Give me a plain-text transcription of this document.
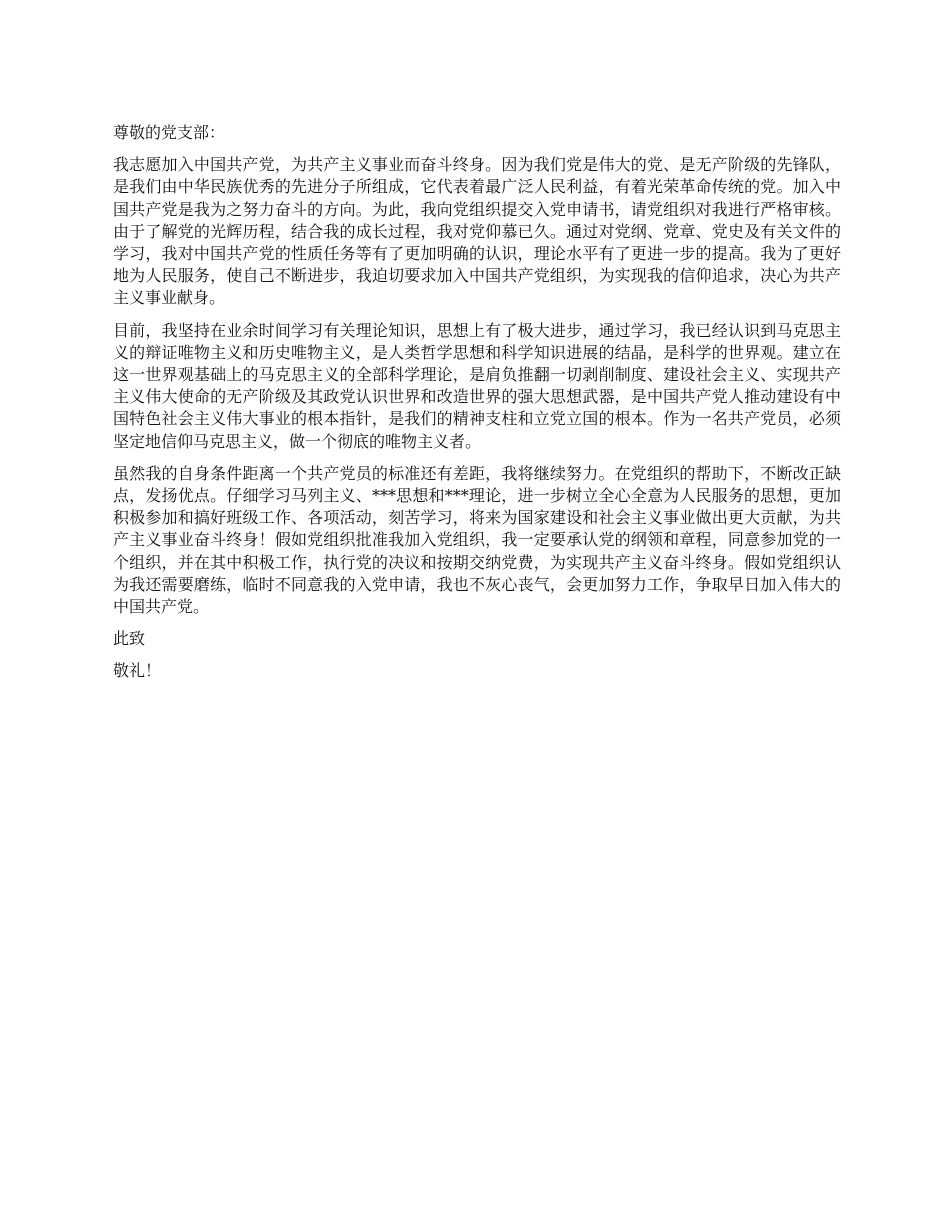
尊敬的党支部：

我志愿加入中国共产党，为共产主义事业而奋斗终身。因为我们党是伟大的党、是无产阶级的先锋队，是我们由中华民族优秀的先进分子所组成，它代表着最广泛人民利益，有着光荣革命传统的党。加入中国共产党是我为之努力奋斗的方向。为此，我向党组织提交入党申请书，请党组织对我进行严格审核。 由于了解党的光辉历程，结合我的成长过程，我对党仰慕已久。通过对党纲、党章、党史及有关文件的学习，我对中国共产党的性质任务等有了更加明确的认识，理论水平有了更进一步的提高。我为了更好地为人民服务，使自己不断进步，我迫切要求加入中国共产党组织，为实现我的信仰追求，决心为共产主义事业献身。

目前，我坚持在业余时间学习有关理论知识，思想上有了极大进步，通过学习，我已经认识到马克思主义的辩证唯物主义和历史唯物主义，是人类哲学思想和科学知识进展的结晶，是科学的世界观。建立在这一世界观基础上的马克思主义的全部科学理论，是肩负推翻一切剥削制度、建设社会主义、实现共产主义伟大使命的无产阶级及其政党认识世界和改造世界的强大思想武器，是中国共产党人推动建设有中国特色社会主义伟大事业的根本指针，是我们的精神支柱和立党立国的根本。作为一名共产党员，必须坚定地信仰马克思主义，做一个彻底的唯物主义者。

虽然我的自身条件距离一个共产党员的标准还有差距，我将继续努力。在党组织的帮助下，不断改正缺点，发扬优点。仔细学习马列主义、***思想和***理论，进一步树立全心全意为人民服务的思想，更加积极参加和搞好班级工作、各项活动，刻苦学习，将来为国家建设和社会主义事业做出更大贡献，为共产主义事业奋斗终身！假如党组织批准我加入党组织，我一定要承认党的纲领和章程，同意参加党的一个组织，并在其中积极工作，执行党的决议和按期交纳党费，为实现共产主义奋斗终身。假如党组织认为我还需要磨练，临时不同意我的入党申请，我也不灰心丧气，会更加努力工作，争取早日加入伟大的中国共产党。

此致

敬礼！
